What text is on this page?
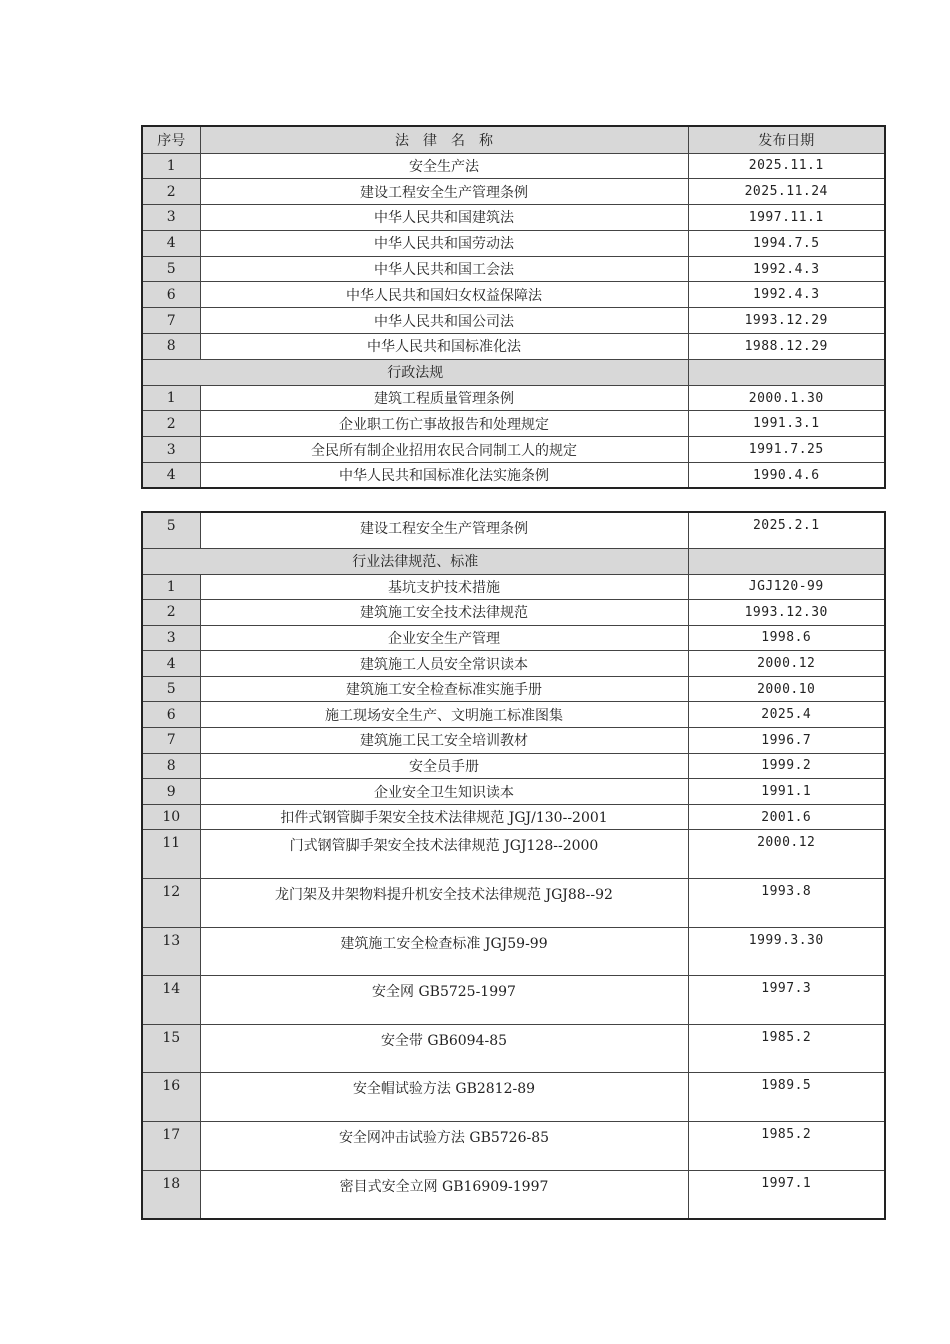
序号	法　律　名　称	发布日期
1	安全生产法	2025.11.1
2	建设工程安全生产管理条例	2025.11.24
3	中华人民共和国建筑法	1997.11.1
4	中华人民共和国劳动法	1994.7.5
5	中华人民共和国工会法	1992.4.3
6	中华人民共和国妇女权益保障法	1992.4.3
7	中华人民共和国公司法	1993.12.29
8	中华人民共和国标准化法	1988.12.29
行政法规		
1	建筑工程质量管理条例	2000.1.30
2	企业职工伤亡事故报告和处理规定	1991.3.1
3	全民所有制企业招用农民合同制工人的规定	1991.7.25
4	中华人民共和国标准化法实施条例	1990.4.6
5	建设工程安全生产管理条例	2025.2.1
行业法律规范、标准		
1	基坑支护技术措施	JGJ120-99
2	建筑施工安全技术法律规范	1993.12.30
3	企业安全生产管理	1998.6
4	建筑施工人员安全常识读本	2000.12
5	建筑施工安全检查标准实施手册	2000.10
6	施工现场安全生产、文明施工标准图集	2025.4
7	建筑施工民工安全培训教材	1996.7
8	安全员手册	1999.2
9	企业安全卫生知识读本	1991.1
10	扣件式钢管脚手架安全技术法律规范 JGJ/130--2001	2001.6
11	门式钢管脚手架安全技术法律规范 JGJ128--2000	2000.12
12	龙门架及井架物料提升机安全技术法律规范 JGJ88--92	1993.8
13	建筑施工安全检查标准 JGJ59-99	1999.3.30
14	安全网 GB5725-1997	1997.3
15	安全带 GB6094-85	1985.2
16	安全帽试验方法 GB2812-89	1989.5
17	安全网冲击试验方法 GB5726-85	1985.2
18	密目式安全立网 GB16909-1997	1997.1
